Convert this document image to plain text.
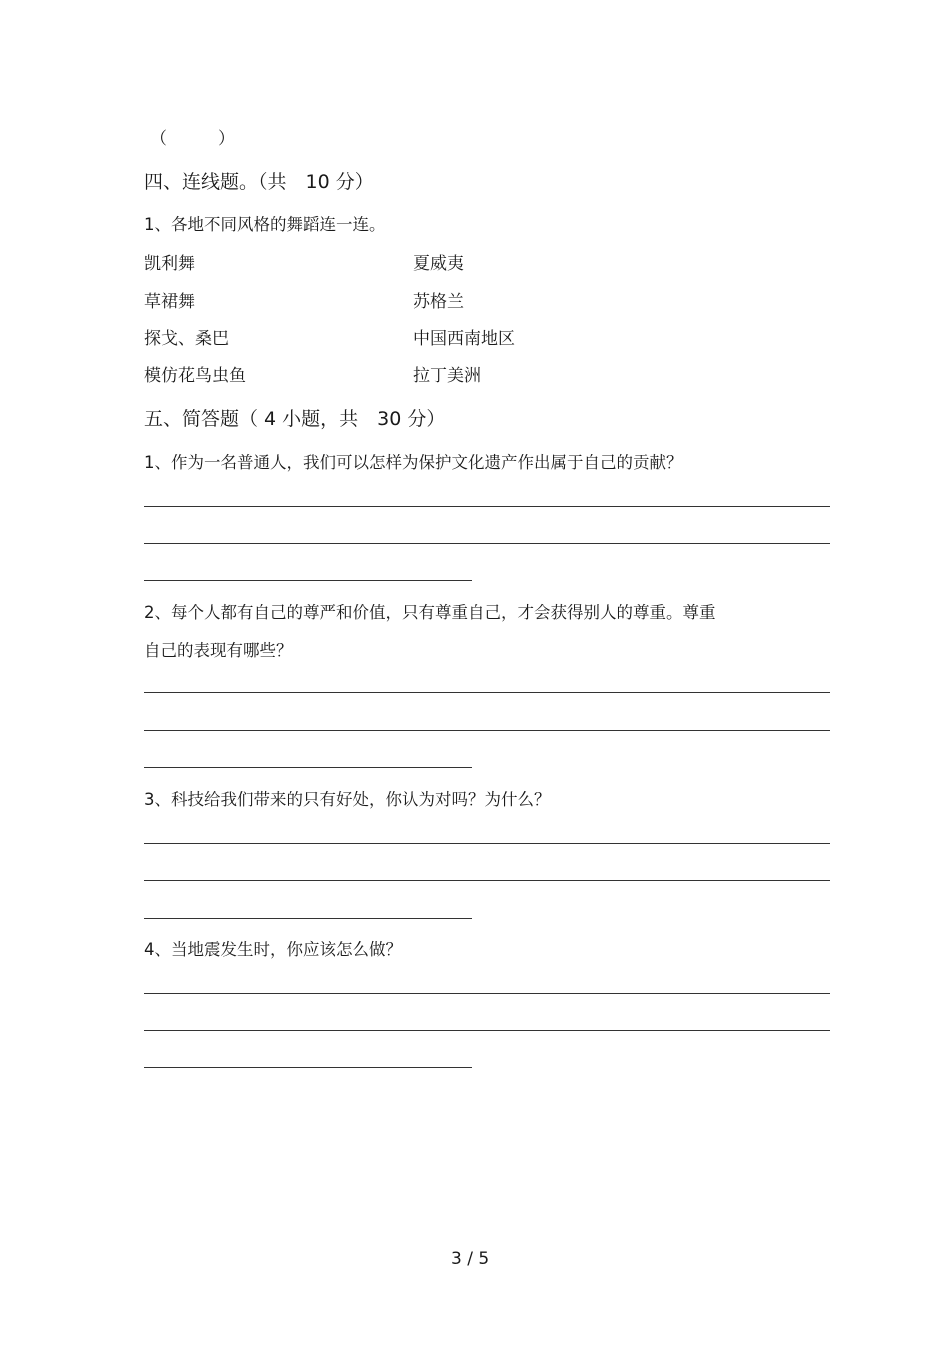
（　　　）
四、连线题。（共　10 分）
1、各地不同风格的舞蹈连一连。
凯利舞
草裙舞
探戈、桑巴
模仿花鸟虫鱼
夏威夷
苏格兰
中国西南地区
拉丁美洲
五、简答题（ 4 小题，共　30 分）
1、作为一名普通人，我们可以怎样为保护文化遗产作出属于自己的贡献？
2、每个人都有自己的尊严和价值，只有尊重自己，才会获得别人的尊重。尊重
自己的表现有哪些？
3、科技给我们带来的只有好处，你认为对吗？为什么？
4、当地震发生时，你应该怎么做？
3 / 5
